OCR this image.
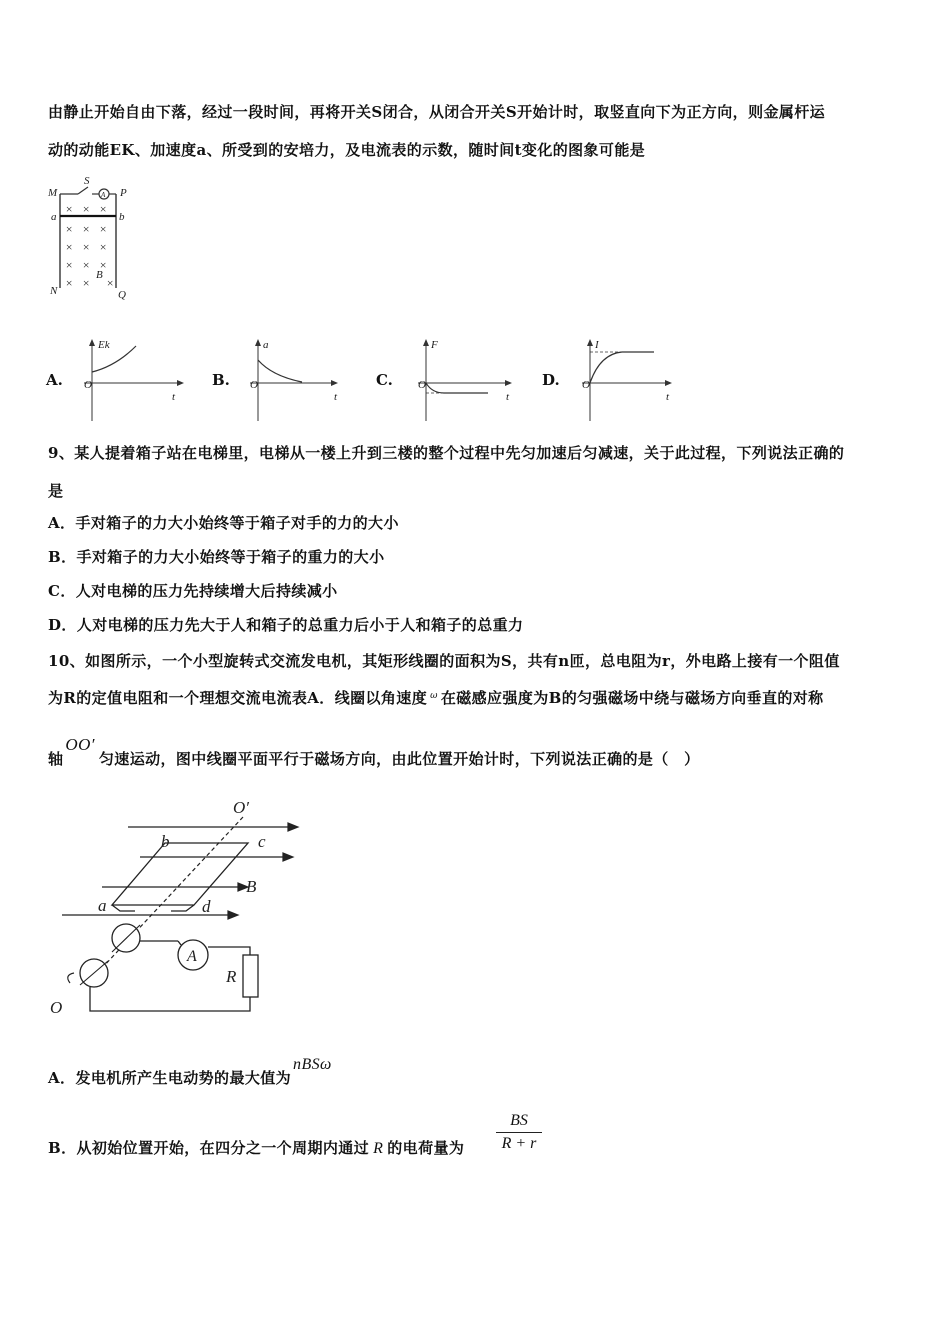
由静止开始自由下落，经过一段时间，再将开关S闭合，从闭合开关S开始计时，取竖直向下为正方向，则金属杆运
动的动能EK、加速度a、所受到的安培力，及电流表的示数，随时间t变化的图象可能是
M
S
A P
a	b
N	Q
B
× × ×
× × ×
× × ×
× × ×
× × ×
A.
Ek
O
t
B.
a
O
t
C.
F
O
t
D.
I
O
t
9、某人提着箱子站在电梯里，电梯从一楼上升到三楼的整个过程中先匀加速后匀减速，关于此过程，下列说法正确的
是
A．手对箱子的力大小始终等于箱子对手的力的大小
B．手对箱子的力大小始终等于箱子的重力的大小
C．人对电梯的压力先持续增大后持续减小
D．人对电梯的压力先大于人和箱子的总重力后小于人和箱子的总重力
10、如图所示，一个小型旋转式交流发电机，其矩形线圈的面积为S，共有n匝，总电阻为r，外电路上接有一个阻值
为R的定值电阻和一个理想交流电流表A．线圈以角速度 $^\omega$ 在磁感应强度为B的匀强磁场中绕与磁场方向垂直的对称
轴OO′匀速运动，图中线圈平面平行于磁场方向，由此位置开始计时，下列说法正确的是（　）
O′
b	c
B
a	d
A
R
O
A．发电机所产生电动势的最大值为nBSω
B．从初始位置开始，在四分之一个周期内通过 R 的电荷量为 $\frac{BS}{R + r}$
